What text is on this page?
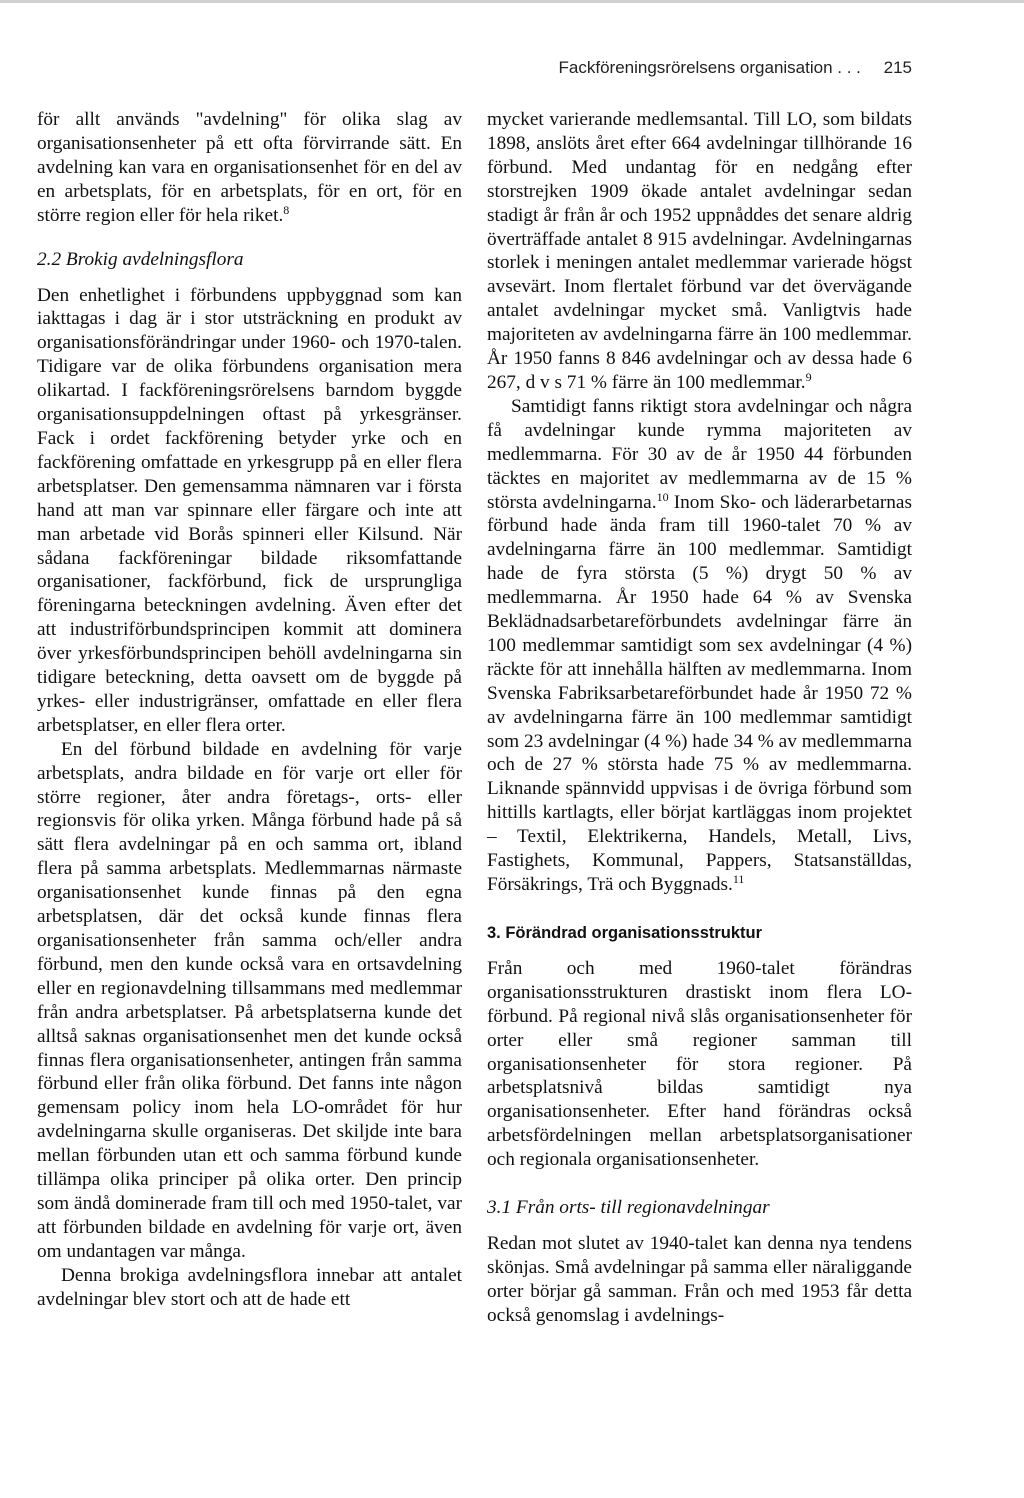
Fackföreningsrörelsens organisation . . . 215

för allt används "avdelning" för olika slag av organisationsenheter på ett ofta förvirrande sätt. En avdelning kan vara en organisationsenhet för en del av en arbetsplats, för en arbetsplats, för en ort, för en större region eller för hela riket.$^8$

2.2 Brokig avdelningsflora

Den enhetlighet i förbundens uppbyggnad som kan iakttagas i dag är i stor utsträckning en produkt av organisationsförändringar under 1960- och 1970-talen. Tidigare var de olika förbundens organisation mera olikartad. I fackföreningsrörelsens barndom byggde organisationsuppdelningen oftast på yrkesgränser. Fack i ordet fackförening betyder yrke och en fackförening omfattade en yrkesgrupp på en eller flera arbetsplatser. Den gemensamma nämnaren var i första hand att man var spinnare eller färgare och inte att man arbetade vid Borås spinneri eller Kilsund. När sådana fackföreningar bildade riksomfattande organisationer, fackförbund, fick de ursprungliga föreningarna beteckningen avdelning. Även efter det att industriförbundsprincipen kommit att dominera över yrkesförbundsprincipen behöll avdelningarna sin tidigare beteckning, detta oavsett om de byggde på yrkes- eller industrigränser, omfattade en eller flera arbetsplatser, en eller flera orter.

En del förbund bildade en avdelning för varje arbetsplats, andra bildade en för varje ort eller för större regioner, åter andra företags-, orts- eller regionsvis för olika yrken. Många förbund hade på så sätt flera avdelningar på en och samma ort, ibland flera på samma arbetsplats. Medlemmarnas närmaste organisationsenhet kunde finnas på den egna arbetsplatsen, där det också kunde finnas flera organisationsenheter från samma och/eller andra förbund, men den kunde också vara en ortsavdelning eller en regionavdelning tillsammans med medlemmar från andra arbetsplatser. På arbetsplatserna kunde det alltså saknas organisationsenhet men det kunde också finnas flera organisationsenheter, antingen från samma förbund eller från olika förbund. Det fanns inte någon gemensam policy inom hela LO-området för hur avdelningarna skulle organiseras. Det skiljde inte bara mellan förbunden utan ett och samma förbund kunde tillämpa olika principer på olika orter. Den princip som ändå dominerade fram till och med 1950-talet, var att förbunden bildade en avdelning för varje ort, även om undantagen var många.

Denna brokiga avdelningsflora innebar att antalet avdelningar blev stort och att de hade ett

mycket varierande medlemsantal. Till LO, som bildats 1898, anslöts året efter 664 avdelningar tillhörande 16 förbund. Med undantag för en nedgång efter storstrejken 1909 ökade antalet avdelningar sedan stadigt år från år och 1952 uppnåddes det senare aldrig överträffade antalet 8 915 avdelningar. Avdelningarnas storlek i meningen antalet medlemmar varierade högst avsevärt. Inom flertalet förbund var det övervägande antalet avdelningar mycket små. Vanligtvis hade majoriteten av avdelningarna färre än 100 medlemmar. År 1950 fanns 8 846 avdelningar och av dessa hade 6 267, d v s 71 % färre än 100 medlemmar.$^9$

Samtidigt fanns riktigt stora avdelningar och några få avdelningar kunde rymma majoriteten av medlemmarna. För 30 av de år 1950 44 förbunden täcktes en majoritet av medlemmarna av de 15 % största avdelningarna.$^{10}$ Inom Sko- och läderarbetarnas förbund hade ända fram till 1960-talet 70 % av avdelningarna färre än 100 medlemmar. Samtidigt hade de fyra största (5 %) drygt 50 % av medlemmarna. År 1950 hade 64 % av Svenska Beklädnadsarbetareförbundets avdelningar färre än 100 medlemmar samtidigt som sex avdelningar (4 %) räckte för att innehålla hälften av medlemmarna. Inom Svenska Fabriksarbetareförbundet hade år 1950 72 % av avdelningarna färre än 100 medlemmar samtidigt som 23 avdelningar (4 %) hade 34 % av medlemmarna och de 27 % största hade 75 % av medlemmarna. Liknande spännvidd uppvisas i de övriga förbund som hittills kartlagts, eller börjat kartläggas inom projektet – Textil, Elektrikerna, Handels, Metall, Livs, Fastighets, Kommunal, Pappers, Statsanställdas, Försäkrings, Trä och Byggnads.$^{11}$

3. Förändrad organisationsstruktur

Från och med 1960-talet förändras organisationsstrukturen drastiskt inom flera LO-förbund. På regional nivå slås organisationsenheter för orter eller små regioner samman till organisationsenheter för stora regioner. På arbetsplatsnivå bildas samtidigt nya organisationsenheter. Efter hand förändras också arbetsfördelningen mellan arbetsplatsorganisationer och regionala organisationsenheter.

3.1 Från orts- till regionavdelningar

Redan mot slutet av 1940-talet kan denna nya tendens skönjas. Små avdelningar på samma eller näraliggande orter börjar gå samman. Från och med 1953 får detta också genomslag i avdelnings-
